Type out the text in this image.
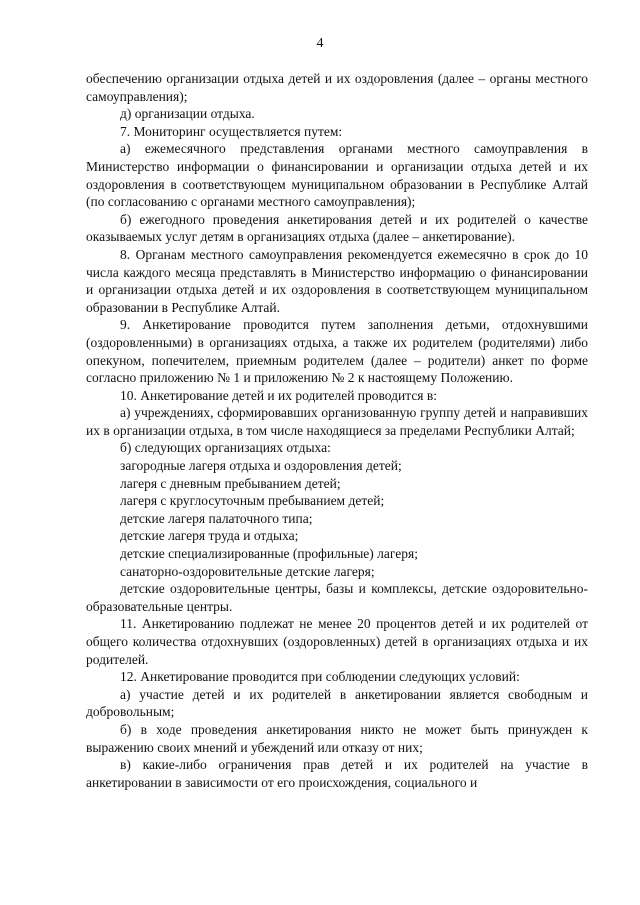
4

обеспечению организации отдыха детей и их оздоровления (далее – органы местного самоуправления);

д) организации отдыха.

7. Мониторинг осуществляется путем:

а) ежемесячного представления органами местного самоуправления в Министерство информации о финансировании и организации отдыха детей и их оздоровления в соответствующем муниципальном образовании в Республике Алтай (по согласованию с органами местного самоуправления);

б) ежегодного проведения анкетирования детей и их родителей о качестве оказываемых услуг детям в организациях отдыха (далее – анкетирование).

8. Органам местного самоуправления рекомендуется ежемесячно в срок до 10 числа каждого месяца представлять в Министерство информацию о финансировании и организации отдыха детей и их оздоровления в соответствующем муниципальном образовании в Республике Алтай.

9. Анкетирование проводится путем заполнения детьми, отдохнувшими (оздоровленными) в организациях отдыха, а также их родителем (родителями) либо опекуном, попечителем, приемным родителем (далее – родители) анкет по форме согласно приложению № 1 и приложению № 2 к настоящему Положению.

10. Анкетирование детей и их родителей проводится в:

а) учреждениях, сформировавших организованную группу детей и направивших их в организации отдыха, в том числе находящиеся за пределами Республики Алтай;

б) следующих организациях отдыха:

загородные лагеря отдыха и оздоровления детей;

лагеря с дневным пребыванием детей;

лагеря с круглосуточным пребыванием детей;

детские лагеря палаточного типа;

детские лагеря труда и отдыха;

детские специализированные (профильные) лагеря;

санаторно-оздоровительные детские лагеря;

детские оздоровительные центры, базы и комплексы, детские оздоровительно-образовательные центры.

11. Анкетированию подлежат не менее 20 процентов детей и их родителей от общего количества отдохнувших (оздоровленных) детей в организациях отдыха и их родителей.

12. Анкетирование проводится при соблюдении следующих условий:

а) участие детей и их родителей в анкетировании является свободным и добровольным;

б) в ходе проведения анкетирования никто не может быть принужден к выражению своих мнений и убеждений или отказу от них;

в) какие-либо ограничения прав детей и их родителей на участие в анкетировании в зависимости от его происхождения, социального и
